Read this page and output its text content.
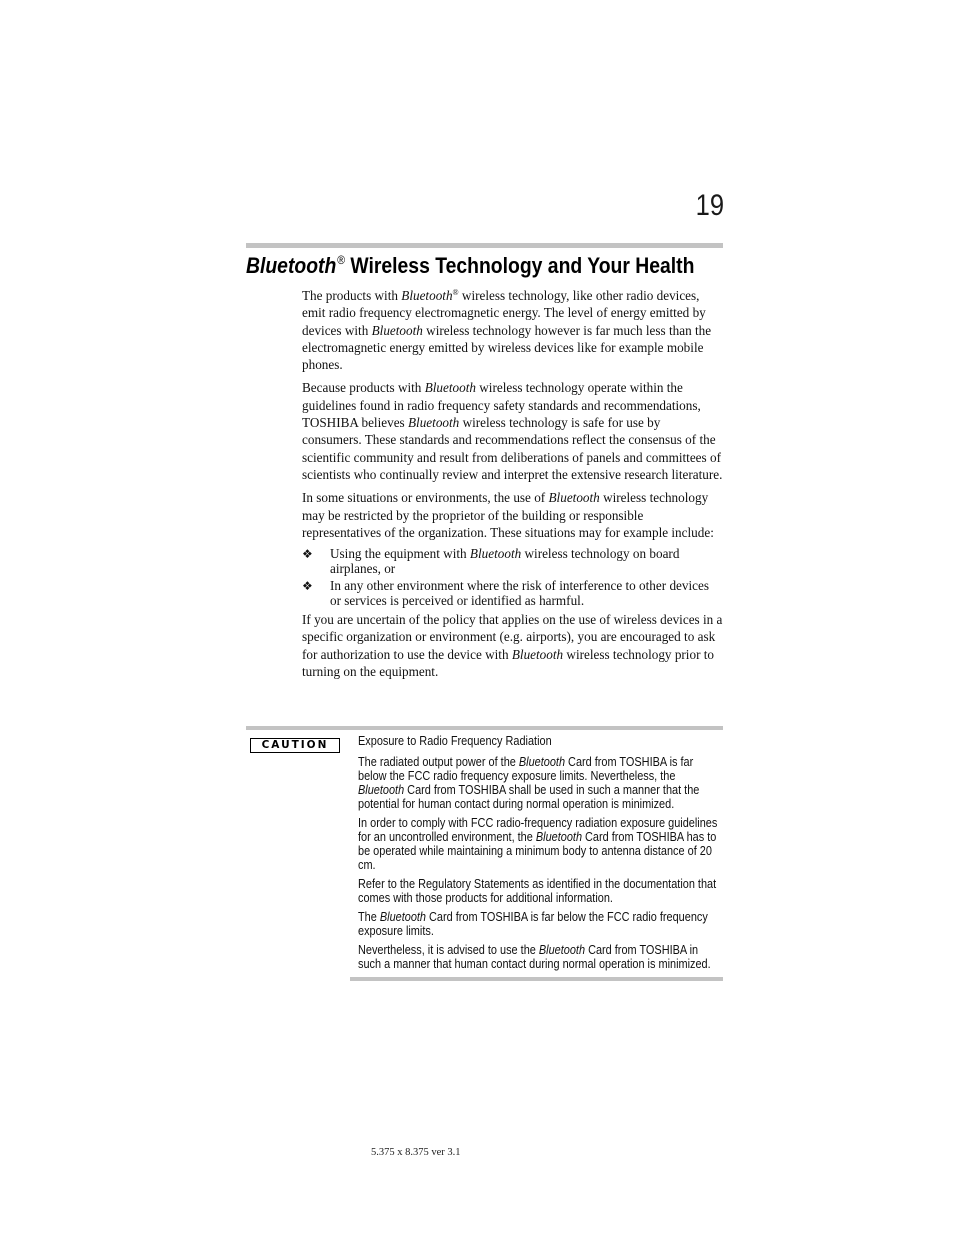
19
Bluetooth® Wireless Technology and Your Health

The products with Bluetooth® wireless technology, like other radio devices, emit radio frequency electromagnetic energy. The level of energy emitted by devices with Bluetooth wireless technology however is far much less than the electromagnetic energy emitted by wireless devices like for example mobile phones.

Because products with Bluetooth wireless technology operate within the guidelines found in radio frequency safety standards and recommendations, TOSHIBA believes Bluetooth wireless technology is safe for use by consumers. These standards and recommendations reflect the consensus of the scientific community and result from deliberations of panels and committees of scientists who continually review and interpret the extensive research literature.

In some situations or environments, the use of Bluetooth wireless technology may be restricted by the proprietor of the building or responsible representatives of the organization. These situations may for example include:

❖ Using the equipment with Bluetooth wireless technology on board airplanes, or
❖ In any other environment where the risk of interference to other devices or services is perceived or identified as harmful.

If you are uncertain of the policy that applies on the use of wireless devices in a specific organization or environment (e.g. airports), you are encouraged to ask for authorization to use the device with Bluetooth wireless technology prior to turning on the equipment.

CAUTION	Exposure to Radio Frequency Radiation

The radiated output power of the Bluetooth Card from TOSHIBA is far below the FCC radio frequency exposure limits. Nevertheless, the Bluetooth Card from TOSHIBA shall be used in such a manner that the potential for human contact during normal operation is minimized.

In order to comply with FCC radio-frequency radiation exposure guidelines for an uncontrolled environment, the Bluetooth Card from TOSHIBA has to be operated while maintaining a minimum body to antenna distance of 20 cm.

Refer to the Regulatory Statements as identified in the documentation that comes with those products for additional information.

The Bluetooth Card from TOSHIBA is far below the FCC radio frequency exposure limits.

Nevertheless, it is advised to use the Bluetooth Card from TOSHIBA in such a manner that human contact during normal operation is minimized.

5.375 x 8.375 ver 3.1
